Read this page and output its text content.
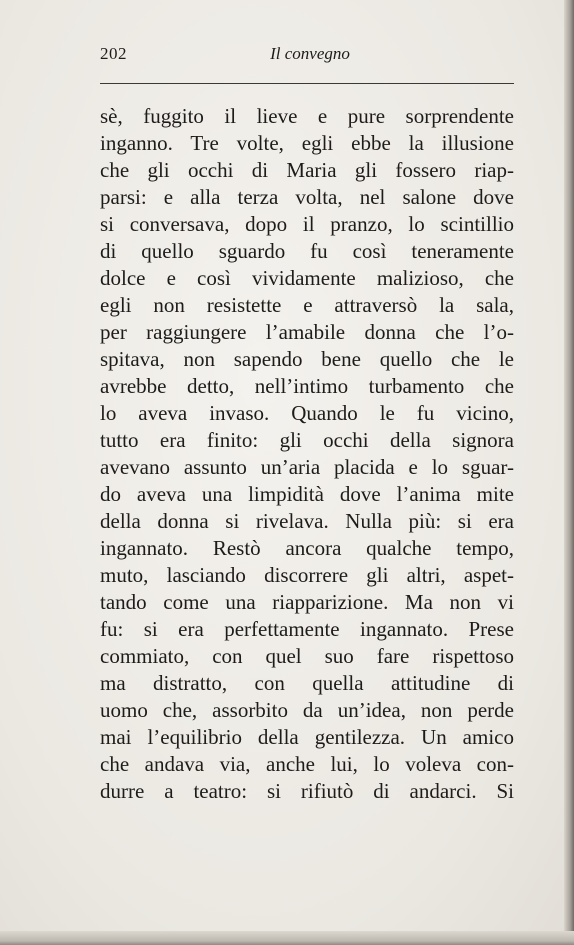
202	Il convegno
sè, fuggito il lieve e pure sorprendente
inganno. Tre volte, egli ebbe la illusione
che gli occhi di Maria gli fossero riap-
parsi: e alla terza volta, nel salone dove
si conversava, dopo il pranzo, lo scintillio
di quello sguardo fu così teneramente
dolce e così vividamente malizioso, che
egli non resistette e attraversò la sala,
per raggiungere l’amabile donna che l’o-
spitava, non sapendo bene quello che le
avrebbe detto, nell’intimo turbamento che
lo aveva invaso. Quando le fu vicino,
tutto era finito: gli occhi della signora
avevano assunto un’aria placida e lo sguar-
do aveva una limpidità dove l’anima mite
della donna si rivelava. Nulla più: si era
ingannato. Restò ancora qualche tempo,
muto, lasciando discorrere gli altri, aspet-
tando come una riapparizione. Ma non vi
fu: si era perfettamente ingannato. Prese
commiato, con quel suo fare rispettoso
ma distratto, con quella attitudine di
uomo che, assorbito da un’idea, non perde
mai l’equilibrio della gentilezza. Un amico
che andava via, anche lui, lo voleva con-
durre a teatro: si rifiutò di andarci. Si
